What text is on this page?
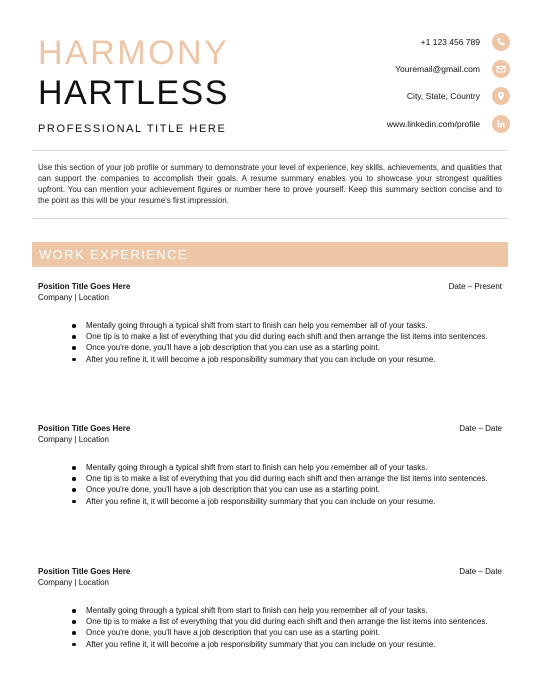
HARMONY
HARTLESS
PROFESSIONAL TITLE HERE
+1 123 456 789
Youremail@gmail.com
City, State, Country
www.linkedin.com/profile

Use this section of your job profile or summary to demonstrate your level of experience, key skills, achievements, and qualities that can support the companies to accomplish their goals. A resume summary enables you to showcase your strongest qualities upfront. You can mention your achievement figures or number here to prove yourself. Keep this summary section concise and to the point as this will be your resume's first impression.

WORK EXPERIENCE
Position Title Goes Here	Date – Present
Company | Location
Mentally going through a typical shift from start to finish can help you remember all of your tasks.
One tip is to make a list of everything that you did during each shift and then arrange the list items into sentences.
Once you're done, you'll have a job description that you can use as a starting point.
After you refine it, it will become a job responsibility summary that you can include on your resume.
Position Title Goes Here	Date – Date
Company | Location
Mentally going through a typical shift from start to finish can help you remember all of your tasks.
One tip is to make a list of everything that you did during each shift and then arrange the list items into sentences.
Once you're done, you'll have a job description that you can use as a starting point.
After you refine it, it will become a job responsibility summary that you can include on your resume.
Position Title Goes Here	Date – Date
Company | Location
Mentally going through a typical shift from start to finish can help you remember all of your tasks.
One tip is to make a list of everything that you did during each shift and then arrange the list items into sentences.
Once you're done, you'll have a job description that you can use as a starting point.
After you refine it, it will become a job responsibility summary that you can include on your resume.
